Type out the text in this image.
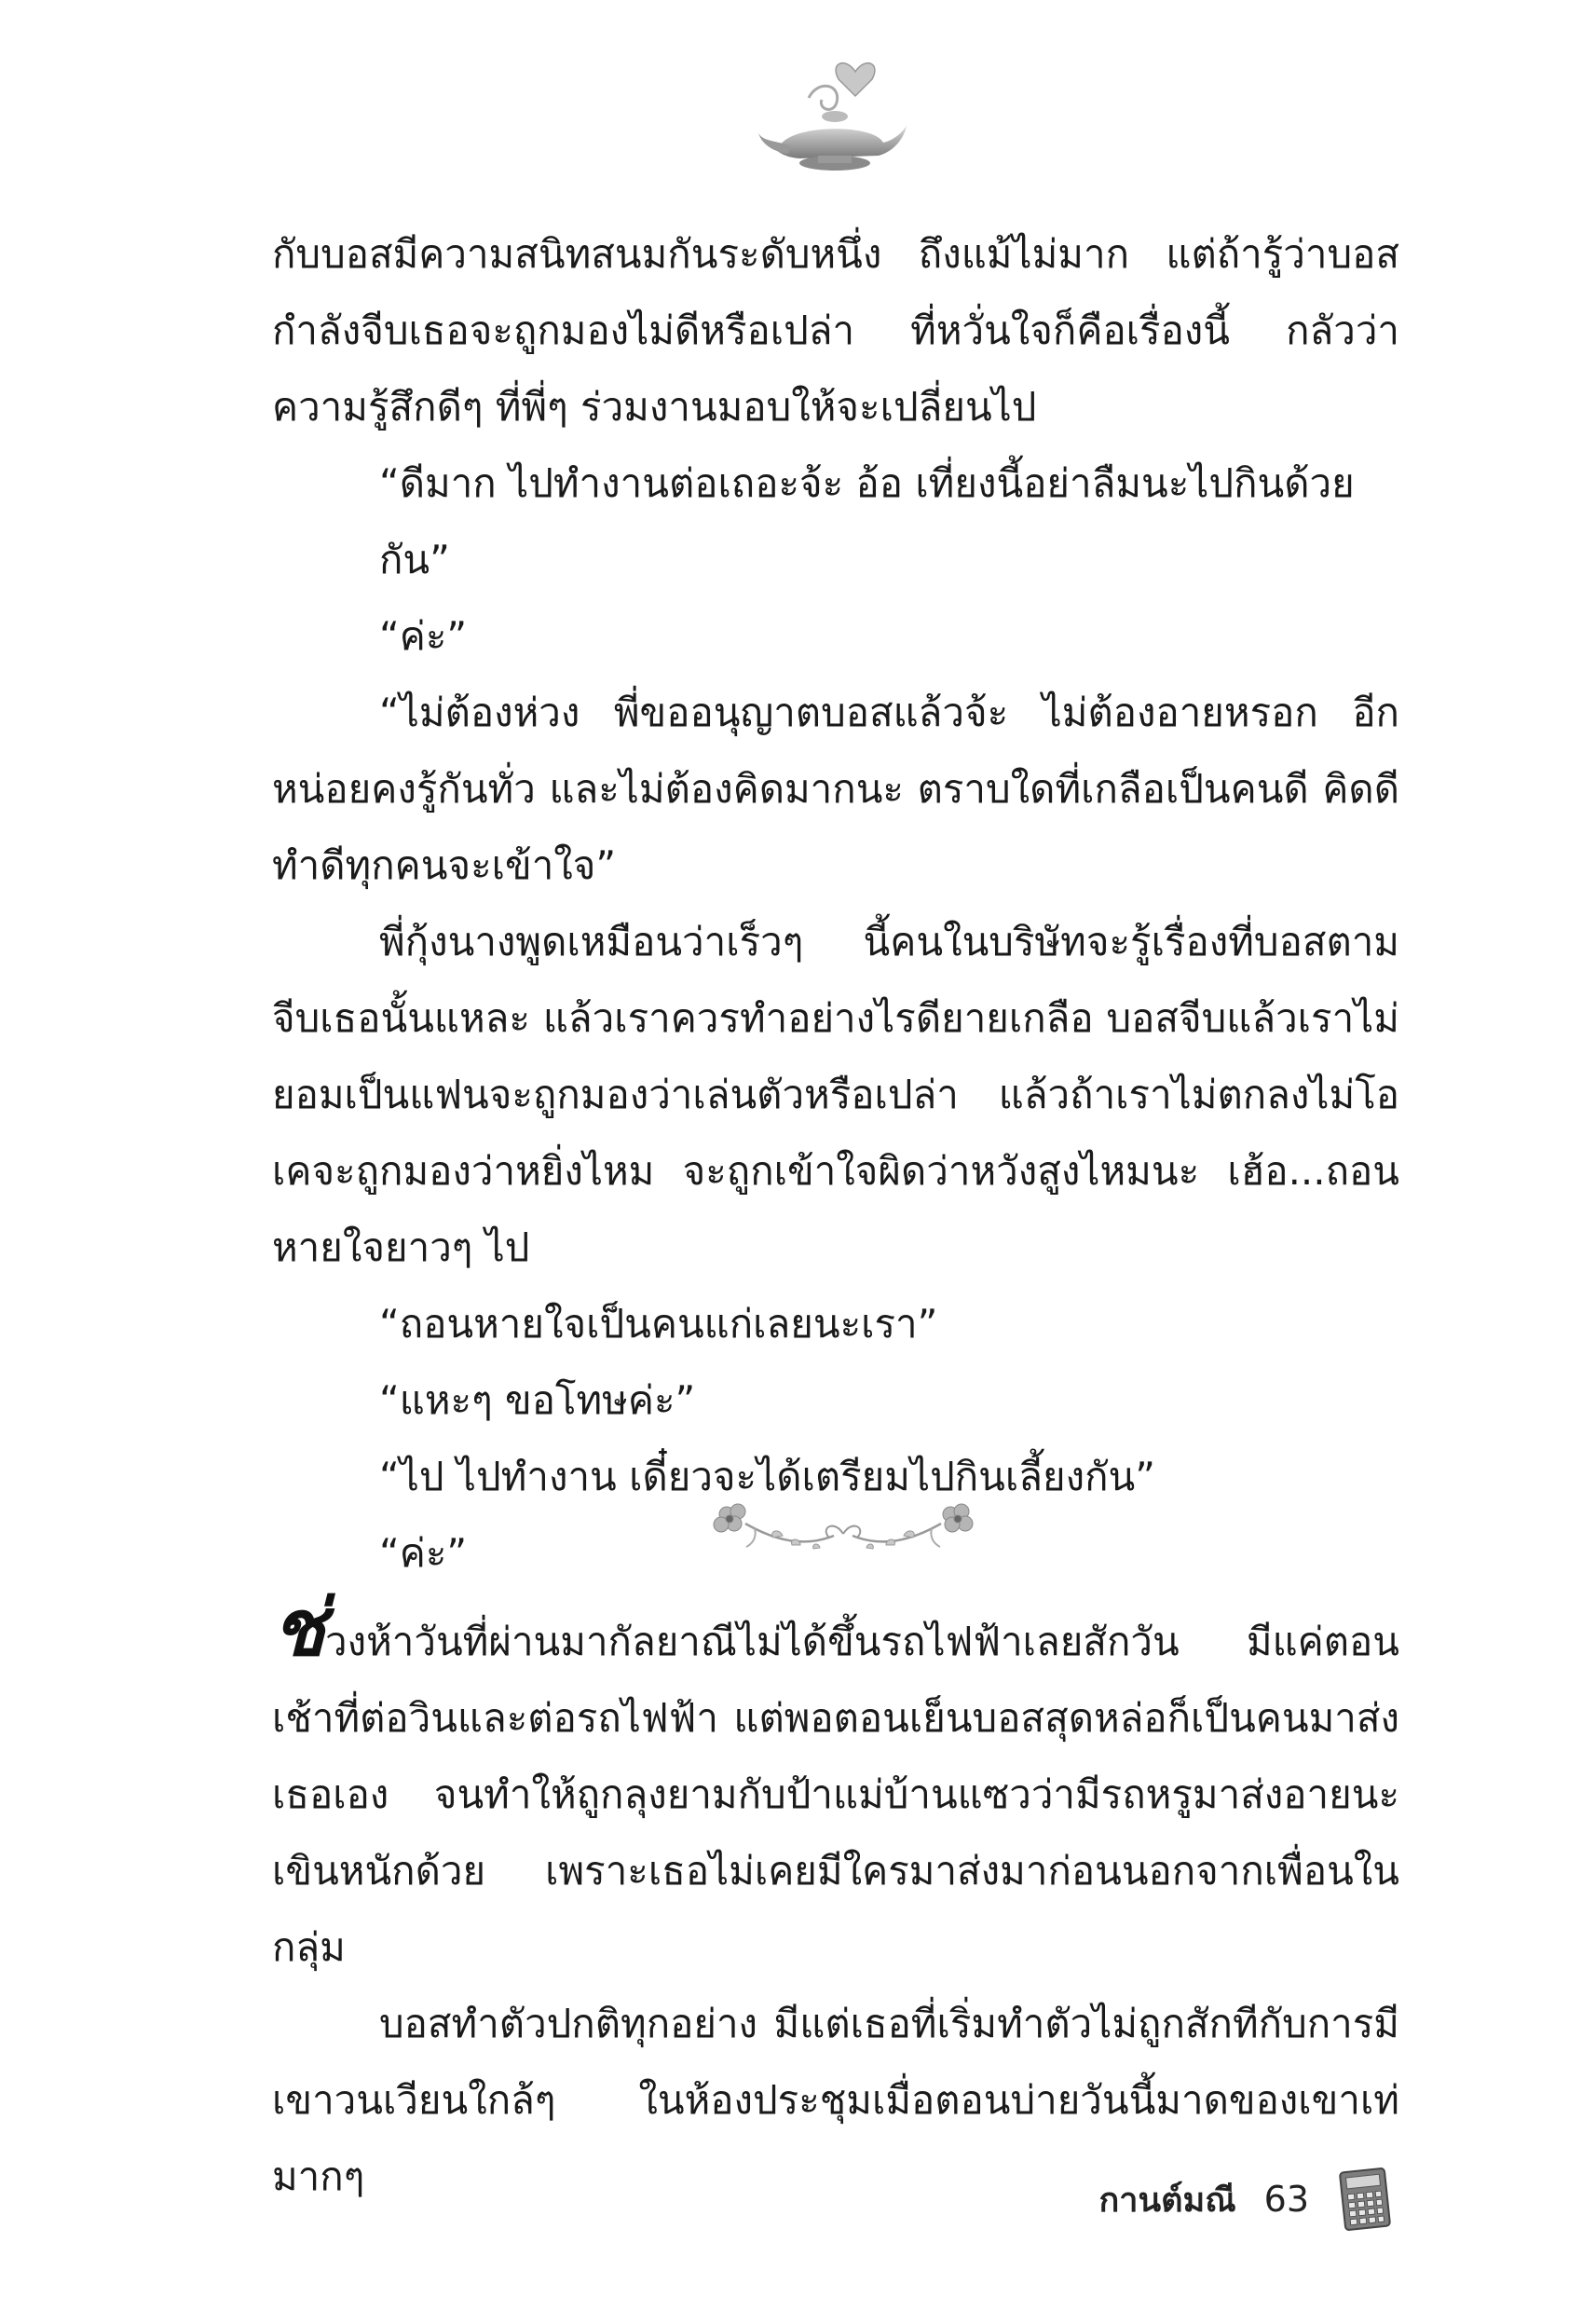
กับบอสมีความสนิทสนมกันระดับหนึ่ง ถึงแม้ไม่มาก แต่ถ้ารู้ว่าบอสกำลังจีบเธอจะถูกมองไม่ดีหรือเปล่า ที่หวั่นใจก็คือเรื่องนี้ กลัวว่าความรู้สึกดีๆ ที่พี่ๆ ร่วมงานมอบให้จะเปลี่ยนไป

“ดีมาก ไปทำงานต่อเถอะจ้ะ อ้อ เที่ยงนี้อย่าลืมนะไปกินด้วยกัน”

“ค่ะ”

“ไม่ต้องห่วง พี่ขออนุญาตบอสแล้วจ้ะ ไม่ต้องอายหรอก อีกหน่อยคงรู้กันทั่ว และไม่ต้องคิดมากนะ ตราบใดที่เกลือเป็นคนดี คิดดี ทำดีทุกคนจะเข้าใจ”

พี่กุ้งนางพูดเหมือนว่าเร็วๆ นี้คนในบริษัทจะรู้เรื่องที่บอสตามจีบเธอนั้นแหละ แล้วเราควรทำอย่างไรดียายเกลือ บอสจีบแล้วเราไม่ยอมเป็นแฟนจะถูกมองว่าเล่นตัวหรือเปล่า แล้วถ้าเราไม่ตกลงไม่โอเคจะถูกมองว่าหยิ่งไหม จะถูกเข้าใจผิดว่าหวังสูงไหมนะ เฮ้อ...ถอนหายใจยาวๆ ไป

“ถอนหายใจเป็นคนแก่เลยนะเรา”

“แหะๆ ขอโทษค่ะ”

“ไป ไปทำงาน เดี๋ยวจะได้เตรียมไปกินเลี้ยงกัน”

“ค่ะ”

ช่วงห้าวันที่ผ่านมากัลยาณีไม่ได้ขึ้นรถไฟฟ้าเลยสักวัน มีแค่ตอนเช้าที่ต่อวินและต่อรถไฟฟ้า แต่พอตอนเย็นบอสสุดหล่อก็เป็นคนมาส่งเธอเอง จนทำให้ถูกลุงยามกับป้าแม่บ้านแซวว่ามีรถหรูมาส่งอายนะ เขินหนักด้วย เพราะเธอไม่เคยมีใครมาส่งมาก่อนนอกจากเพื่อนในกลุ่ม

บอสทำตัวปกติทุกอย่าง มีแต่เธอที่เริ่มทำตัวไม่ถูกสักทีกับการมีเขาวนเวียนใกล้ๆ ในห้องประชุมเมื่อตอนบ่ายวันนี้มาดของเขาเท่มากๆ

กานต์มณี 63
